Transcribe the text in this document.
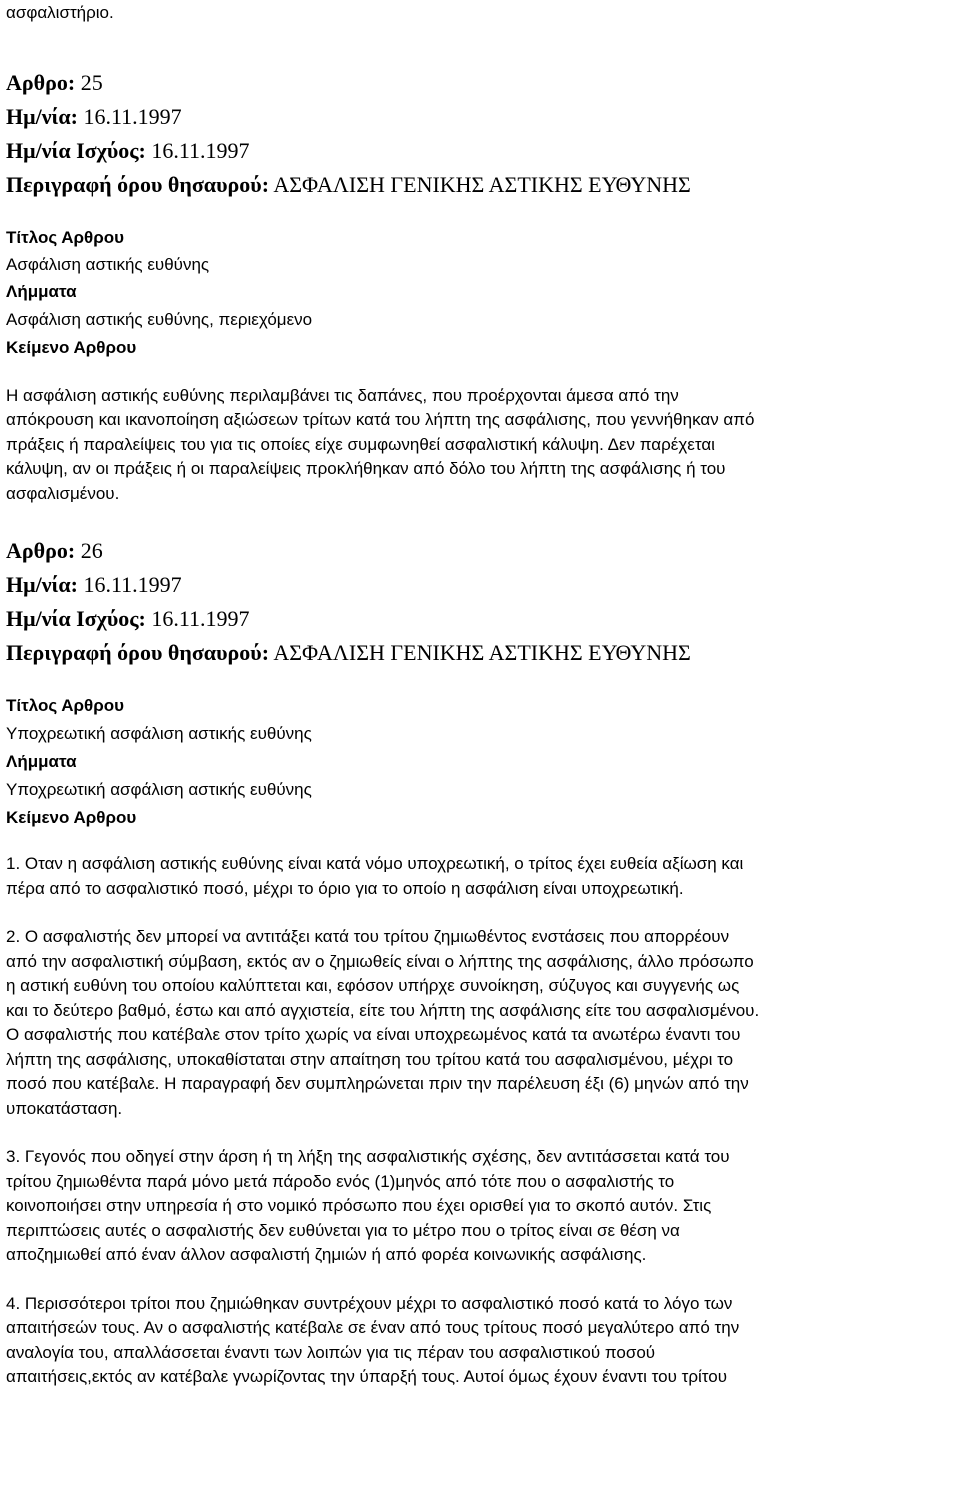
ασφαλιστήριο.
Αρθρο: 25
Ημ/νία: 16.11.1997
Ημ/νία Ισχύος: 16.11.1997
Περιγραφή όρου θησαυρού: ΑΣΦΑΛΙΣΗ ΓΕΝΙΚΗΣ ΑΣΤΙΚΗΣ ΕΥΘΥΝΗΣ
Τίτλος Αρθρου
Ασφάλιση αστικής ευθύνης
Λήμματα
Ασφάλιση αστικής ευθύνης, περιεχόμενο
Κείμενο Αρθρου
Η ασφάλιση αστικής ευθύνης περιλαμβάνει τις δαπάνες, που προέρχονται άμεσα από την
απόκρουση και ικανοποίηση αξιώσεων τρίτων κατά του λήπτη της ασφάλισης, που γεννήθηκαν από
πράξεις ή παραλείψεις του για τις οποίες είχε συμφωνηθεί ασφαλιστική κάλυψη. Δεν παρέχεται
κάλυψη, αν οι πράξεις ή οι παραλείψεις προκλήθηκαν από δόλο του λήπτη της ασφάλισης ή του
ασφαλισμένου.
Αρθρο: 26
Ημ/νία: 16.11.1997
Ημ/νία Ισχύος: 16.11.1997
Περιγραφή όρου θησαυρού: ΑΣΦΑΛΙΣΗ ΓΕΝΙΚΗΣ ΑΣΤΙΚΗΣ ΕΥΘΥΝΗΣ
Τίτλος Αρθρου
Υποχρεωτική ασφάλιση αστικής ευθύνης
Λήμματα
Υποχρεωτική ασφάλιση αστικής ευθύνης
Κείμενο Αρθρου
1. Οταν η ασφάλιση αστικής ευθύνης είναι κατά νόμο υποχρεωτική, ο τρίτος έχει ευθεία αξίωση και
πέρα από το ασφαλιστικό ποσό, μέχρι το όριο για το οποίο η ασφάλιση είναι υποχρεωτική.
2. Ο ασφαλιστής δεν μπορεί να αντιτάξει κατά του τρίτου ζημιωθέντος ενστάσεις που απορρέουν
από την ασφαλιστική σύμβαση, εκτός αν ο ζημιωθείς είναι ο λήπτης της ασφάλισης, άλλο πρόσωπο
η αστική ευθύνη του οποίου καλύπτεται και, εφόσον υπήρχε συνοίκηση, σύζυγος και συγγενής ως
και το δεύτερο βαθμό, έστω και από αγχιστεία, είτε του λήπτη της ασφάλισης είτε του ασφαλισμένου.
Ο ασφαλιστής που κατέβαλε στον τρίτο χωρίς να είναι υποχρεωμένος κατά τα ανωτέρω έναντι του
λήπτη της ασφάλισης, υποκαθίσταται στην απαίτηση του τρίτου κατά του ασφαλισμένου, μέχρι το
ποσό που κατέβαλε. Η παραγραφή δεν συμπληρώνεται πριν την παρέλευση έξι (6) μηνών από την
υποκατάσταση.
3. Γεγονός που οδηγεί στην άρση ή τη λήξη της ασφαλιστικής σχέσης, δεν αντιτάσσεται κατά του
τρίτου ζημιωθέντα παρά μόνο μετά πάροδο ενός (1)μηνός από τότε που ο ασφαλιστής το
κοινοποιήσει στην υπηρεσία ή στο νομικό πρόσωπο που έχει ορισθεί για το σκοπό αυτόν. Στις
περιπτώσεις αυτές ο ασφαλιστής δεν ευθύνεται για το μέτρο που ο τρίτος είναι σε θέση να
αποζημιωθεί από έναν άλλον ασφαλιστή ζημιών ή από φορέα κοινωνικής ασφάλισης.
4. Περισσότεροι τρίτοι που ζημιώθηκαν συντρέχουν μέχρι το ασφαλιστικό ποσό κατά το λόγο των
απαιτήσεών τους. Αν ο ασφαλιστής κατέβαλε σε έναν από τους τρίτους ποσό μεγαλύτερο από την
αναλογία του, απαλλάσσεται έναντι των λοιπών για τις πέραν του ασφαλιστικού ποσού
απαιτήσεις,εκτός αν κατέβαλε γνωρίζοντας την ύπαρξή τους. Αυτοί όμως έχουν έναντι του τρίτου
